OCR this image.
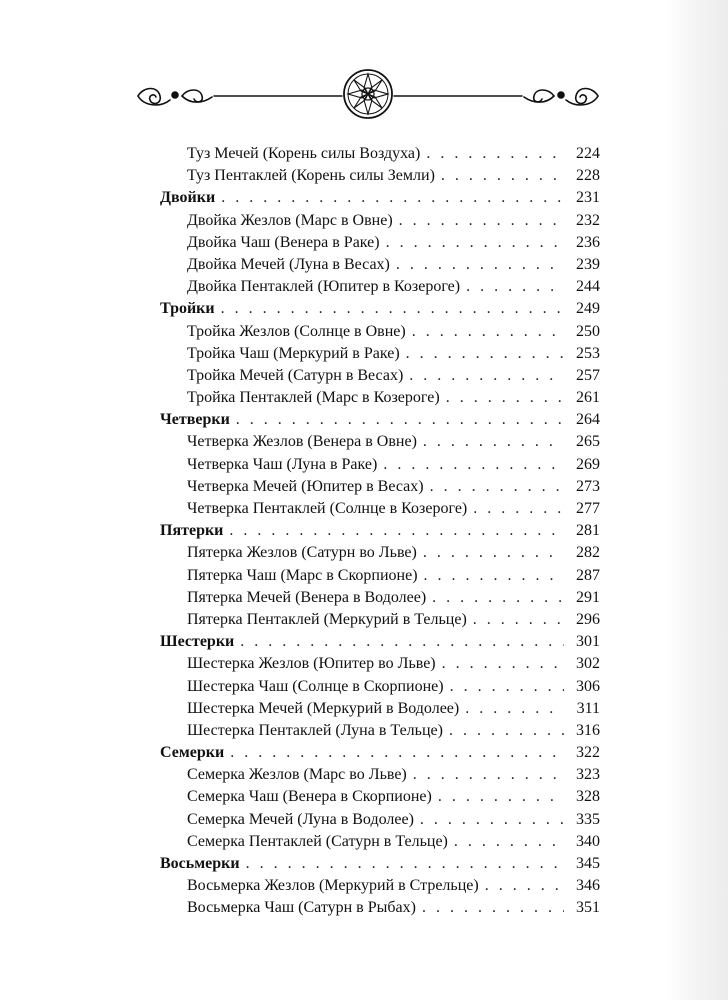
Туз Мечей (Корень силы Воздуха) . . .	224
Туз Пентаклей (Корень силы Земли) . . .	228
Двойки . . .	231
Двойка Жезлов (Марс в Овне) . . .	232
Двойка Чаш (Венера в Раке) . . .	236
Двойка Мечей (Луна в Весах) . . .	239
Двойка Пентаклей (Юпитер в Козероге) . . .	244
Тройки . . .	249
Тройка Жезлов (Солнце в Овне) . . .	250
Тройка Чаш (Меркурий в Раке) . . .	253
Тройка Мечей (Сатурн в Весах) . . .	257
Тройка Пентаклей (Марс в Козероге) . . .	261
Четверки . . .	264
Четверка Жезлов (Венера в Овне) . . .	265
Четверка Чаш (Луна в Раке) . . .	269
Четверка Мечей (Юпитер в Весах) . . .	273
Четверка Пентаклей (Солнце в Козероге) . . .	277
Пятерки . . .	281
Пятерка Жезлов (Сатурн во Льве) . . .	282
Пятерка Чаш (Марс в Скорпионе) . . .	287
Пятерка Мечей (Венера в Водолее) . . .	291
Пятерка Пентаклей (Меркурий в Тельце) . . .	296
Шестерки . . .	301
Шестерка Жезлов (Юпитер во Льве) . . .	302
Шестерка Чаш (Солнце в Скорпионе) . . .	306
Шестерка Мечей (Меркурий в Водолее) . . .	311
Шестерка Пентаклей (Луна в Тельце) . . .	316
Семерки . . .	322
Семерка Жезлов (Марс во Льве) . . .	323
Семерка Чаш (Венера в Скорпионе) . . .	328
Семерка Мечей (Луна в Водолее) . . .	335
Семерка Пентаклей (Сатурн в Тельце) . . .	340
Восьмерки . . .	345
Восьмерка Жезлов (Меркурий в Стрельце) . . .	346
Восьмерка Чаш (Сатурн в Рыбах) . . .	351
